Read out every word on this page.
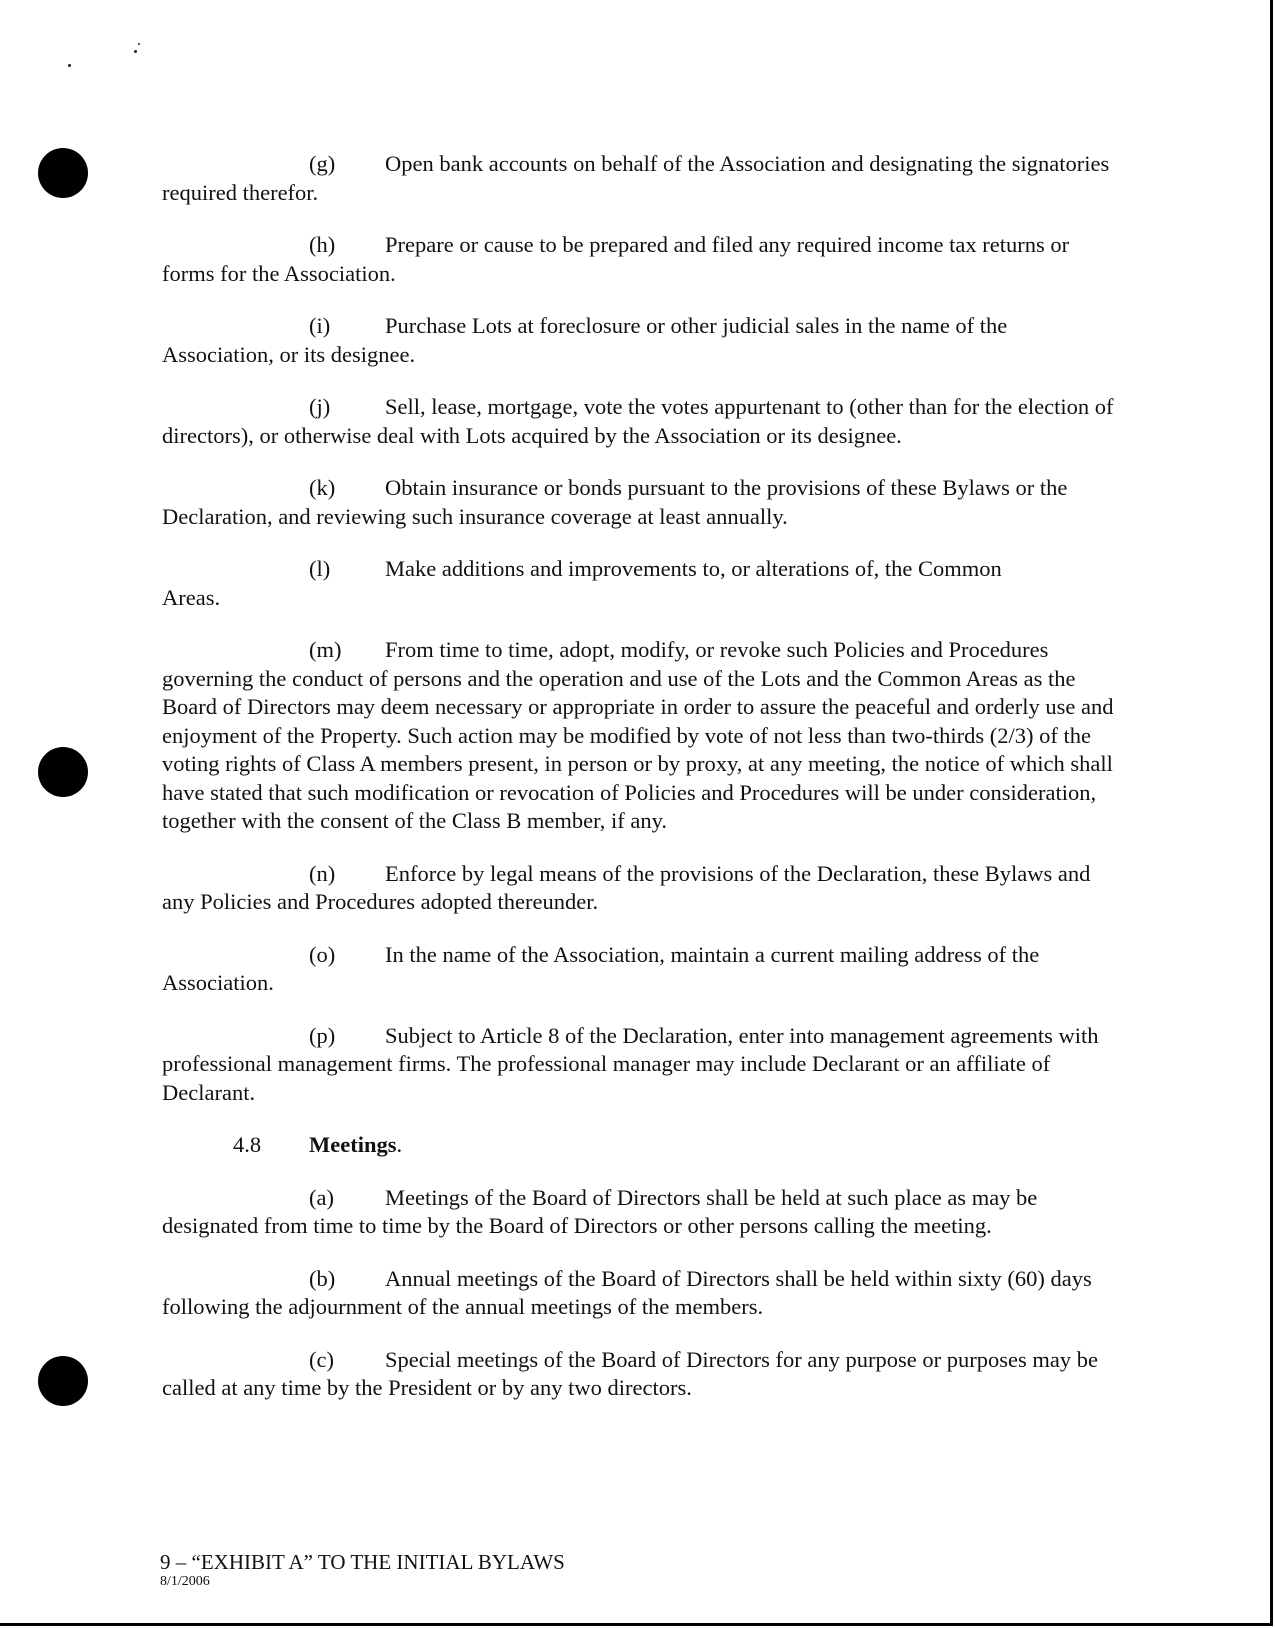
(g) Open bank accounts on behalf of the Association and designating the signatories required therefor.

(h) Prepare or cause to be prepared and filed any required income tax returns or forms for the Association.

(i) Purchase Lots at foreclosure or other judicial sales in the name of the Association, or its designee.

(j) Sell, lease, mortgage, vote the votes appurtenant to (other than for the election of directors), or otherwise deal with Lots acquired by the Association or its designee.

(k) Obtain insurance or bonds pursuant to the provisions of these Bylaws or the Declaration, and reviewing such insurance coverage at least annually.

(l) Make additions and improvements to, or alterations of, the Common
Areas.

(m) From time to time, adopt, modify, or revoke such Policies and Procedures governing the conduct of persons and the operation and use of the Lots and the Common Areas as the Board of Directors may deem necessary or appropriate in order to assure the peaceful and orderly use and enjoyment of the Property. Such action may be modified by vote of not less than two-thirds (2/3) of the voting rights of Class A members present, in person or by proxy, at any meeting, the notice of which shall have stated that such modification or revocation of Policies and Procedures will be under consideration, together with the consent of the Class B member, if any.

(n) Enforce by legal means of the provisions of the Declaration, these Bylaws and any Policies and Procedures adopted thereunder.

(o) In the name of the Association, maintain a current mailing address of the
Association.

(p) Subject to Article 8 of the Declaration, enter into management agreements with professional management firms. The professional manager may include Declarant or an affiliate of Declarant.

4.8 Meetings.

(a) Meetings of the Board of Directors shall be held at such place as may be designated from time to time by the Board of Directors or other persons calling the meeting.

(b) Annual meetings of the Board of Directors shall be held within sixty (60) days following the adjournment of the annual meetings of the members.

(c) Special meetings of the Board of Directors for any purpose or purposes may be called at any time by the President or by any two directors.

9 – “EXHIBIT A” TO THE INITIAL BYLAWS
8/1/2006
